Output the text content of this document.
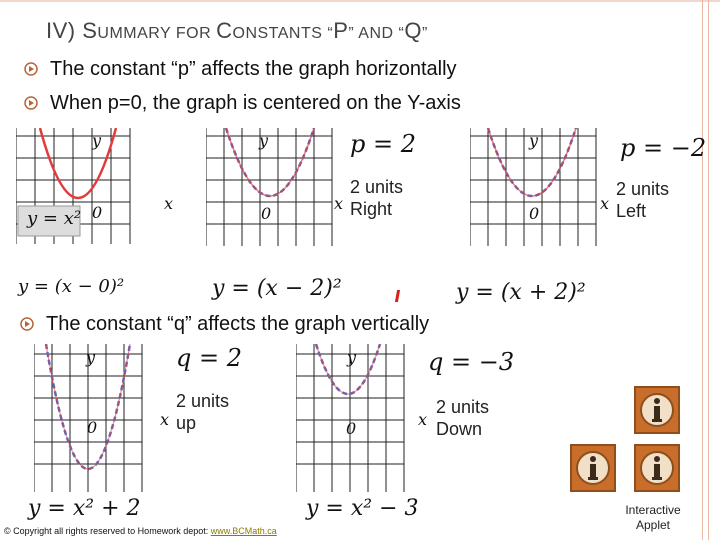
IV) SUMMARY FOR CONSTANTS “P” AND “Q”
The constant “p” affects the graph horizontally
When p=0, the graph is centered on the Y-axis
y
0	x
y = x²
y = (x − 0)²
y
0
x
y = (x − 2)²
p = 2
2 units
Right
y
0
x
y = (x + 2)²
p = −2
2 units
Left
The constant “q” affects the graph vertically
y
0	x
y = x² + 2
q = 2
2 units
up
y
0	x
y = x² − 3
q = −3
2 units
Down
Interactive
Applet
© Copyright all rights reserved to Homework depot: www.BCMath.ca
